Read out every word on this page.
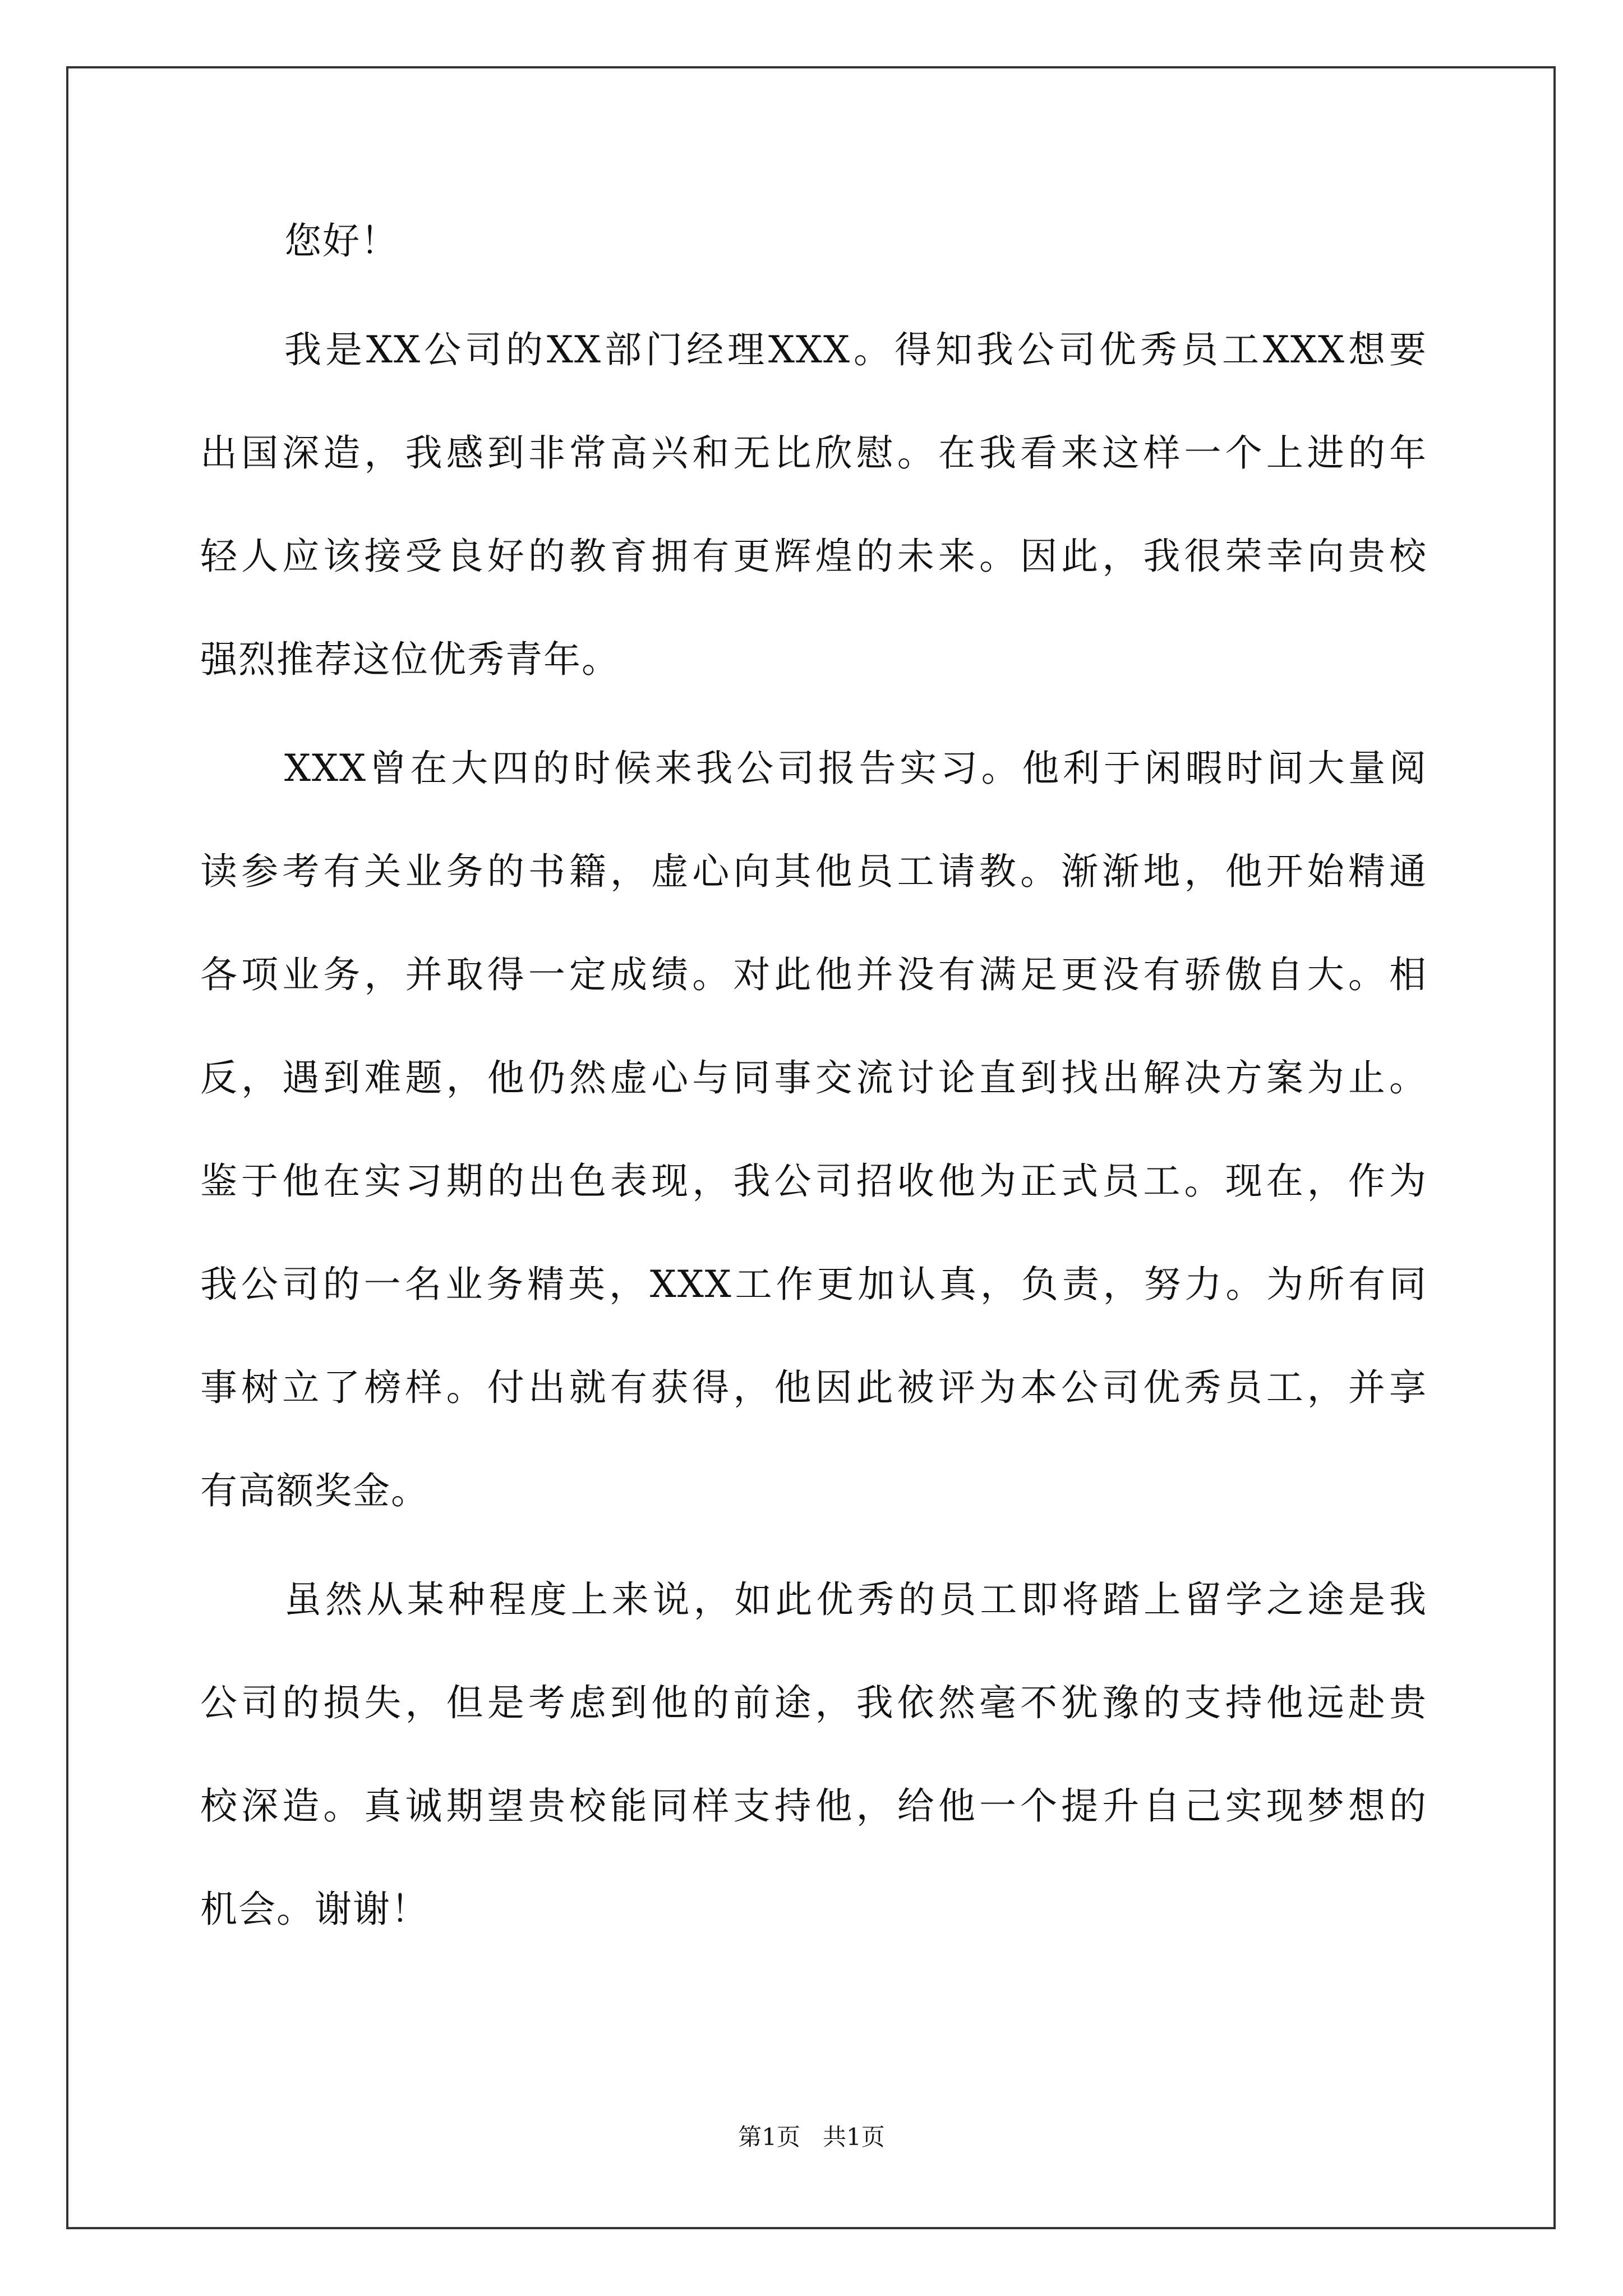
您好！
我是XX公司的XX部门经理XXX。得知我公司优秀员工XXX想要
出国深造，我感到非常高兴和无比欣慰。在我看来这样一个上进的年
轻人应该接受良好的教育拥有更辉煌的未来。因此，我很荣幸向贵校
强烈推荐这位优秀青年。
XXX曾在大四的时候来我公司报告实习。他利于闲暇时间大量阅
读参考有关业务的书籍，虚心向其他员工请教。渐渐地，他开始精通
各项业务，并取得一定成绩。对此他并没有满足更没有骄傲自大。相
反，遇到难题，他仍然虚心与同事交流讨论直到找出解决方案为止。
鉴于他在实习期的出色表现，我公司招收他为正式员工。现在，作为
我公司的一名业务精英，XXX工作更加认真，负责，努力。为所有同
事树立了榜样。付出就有获得，他因此被评为本公司优秀员工，并享
有高额奖金。
虽然从某种程度上来说，如此优秀的员工即将踏上留学之途是我
公司的损失，但是考虑到他的前途，我依然毫不犹豫的支持他远赴贵
校深造。真诚期望贵校能同样支持他，给他一个提升自己实现梦想的
机会。谢谢！
第1页   共1页
